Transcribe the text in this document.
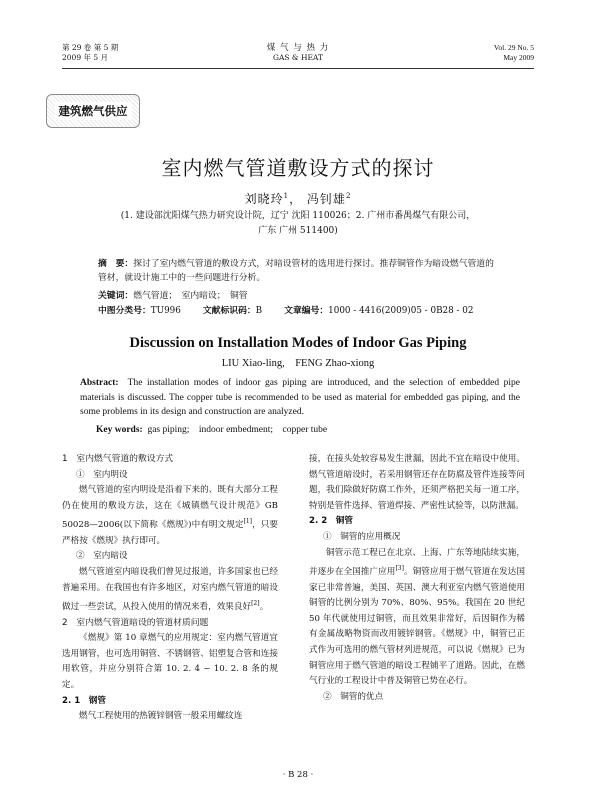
第 29 卷 第 5 期
2009 年 5 月
煤 气 与 热 力
GAS & HEAT
Vol. 29 No. 5
May 2009
建筑燃气供应
室内燃气管道敷设方式的探讨
刘晓玲$^1$， 冯钊雄$^2$
(1. 建设部沈阳煤气热力研究设计院，辽宁 沈阳 110026；2. 广州市番禺煤气有限公司，
广东 广州 511400)
摘　要：探讨了室内燃气管道的敷设方式，对暗设管材的选用进行探讨。推荐铜管作为暗设燃气管道的管材，就设计施工中的一些问题进行分析。
关键词：燃气管道；　室内暗设；　铜管
中图分类号：TU996	文献标识码：B	文章编号：1000 - 4416(2009)05 - 0B28 - 02
Discussion on Installation Modes of Indoor Gas Piping
LIU Xiao-ling,　FENG Zhao-xiong
Abstract: The installation modes of indoor gas piping are introduced, and the selection of embedded pipe materials is discussed. The copper tube is recommended to be used as material for embedded gas piping, and the some problems in its design and construction are analyzed.
Key words: gas piping;　indoor embedment;　copper tube

1　室内燃气管道的敷设方式

①　室内明设

燃气管道的室内明设是沿着下来的、既有大部分工程仍在使用的敷设方法，这在《城镇燃气设计规范》GB 50028—2006(以下简称《燃规》)中有明文规定[1]，只要严格按《燃规》执行即可。

②　室内暗设

燃气管道室内暗设我们曾见过报道，许多国家也已经普遍采用。在我国也有许多地区，对室内燃气管道的暗设做过一些尝试，从投入使用的情况来看，效果良好[2]。

2　室内燃气管道暗设的管道材质问题

《燃规》第 10 章燃气的应用规定：室内燃气管道宜选用钢管，也可选用铜管、不锈钢管、铝塑复合管和连接用软管，并应分别符合第 10. 2. 4 ~ 10. 2. 8 条的规定。

2. 1　钢管

燃气工程使用的热镀锌钢管一般采用螺纹连

接，在接头处较容易发生泄漏，因此不宜在暗设中使用。燃气管道暗设时，若采用钢管还存在防腐及管件连接等问题，我们除做好防腐工作外，还须严格把关每一道工序，特别是管件选择、管道焊接、严密性试验等，以防泄漏。

2. 2　铜管

①　铜管的应用概况

铜管示范工程已在北京、上海、广东等地陆续实施，并逐步在全国推广应用[3]。铜管应用于燃气管道在发达国家已非常普遍，美国、英国、澳大利亚室内燃气管道使用铜管的比例分别为 70%、80%、95%。我国在 20 世纪 50 年代就使用过铜管，而且效果非常好，后因铜作为稀有金属战略物资而改用镀锌钢管。《燃规》中，铜管已正式作为可选用的燃气管材列进规范，可以说《燃规》已为铜管应用于燃气管道的暗设工程铺平了道路。因此，在燃气行业的工程设计中普及铜管已势在必行。

②　铜管的优点

· B 28 ·
